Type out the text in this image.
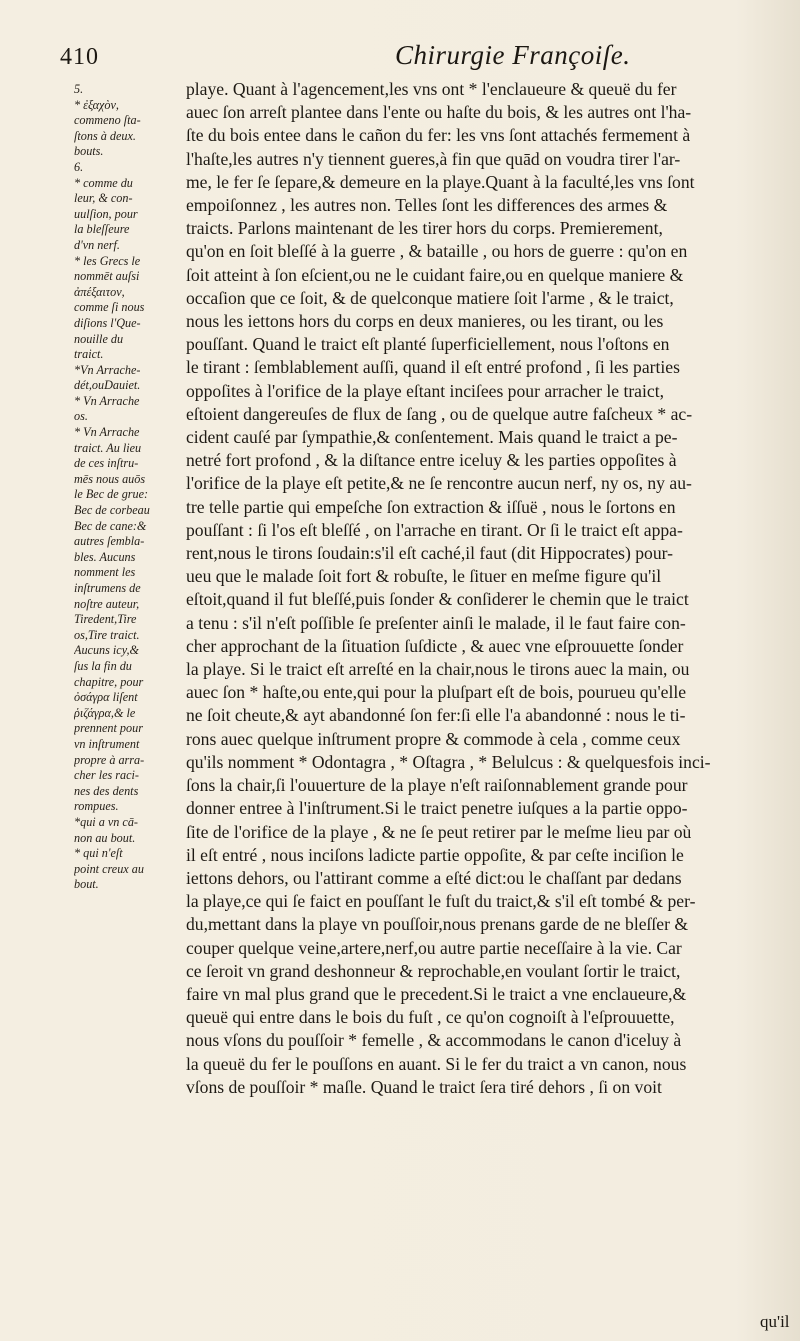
410	Chirurgie Françoiſe.
5.
* ἐξαχὸν,
commeno ſta-
ſtons à deux.
bouts.
6.
* comme du
leur, & con-
uulſion, pour
la bleſſeure
d'vn nerf.
* les Grecs le
nommēt auſsi
ἀπέξαιτον,
comme ſi nous
diſions l'Que-
nouille du
traict.
*Vn Arrache-
dét,ouDauiet.
* Vn Arrache
os.
* Vn Arrache
traict. Au lieu
de ces inſtru-
mēs nous auōs
le Bec de grue:
Bec de corbeau
Bec de cane:&
autres ſembla-
bles. Aucuns
nomment les
inſtrumens de
noſtre auteur,
Tiredent,Tire
os,Tire traict.
Aucuns icy,&
ſus la fin du
chapitre, pour
ὀσάγρα liſent
ῥιζάγρα,& le
prennent pour
vn inſtrument
propre à arra-
cher les raci-
nes des dents
rompues.
*qui a vn cā-
non au bout.
* qui n'eſt
point creux au
bout.
playe. Quant à l'agencement,les vns ont * l'enclaueure & queuë du fer
auec ſon arreſt plantee dans l'ente ou haſte du bois, & les autres ont l'ha-
ſte du bois entee dans le cañon du fer: les vns ſont attachés fermement à
l'haſte,les autres n'y tiennent gueres,à fin que quād on voudra tirer l'ar-
me, le fer ſe ſepare,& demeure en la playe.Quant à la faculté,les vns ſont
empoiſonnez , les autres non. Telles ſont les differences des armes &
traicts. Parlons maintenant de les tirer hors du corps. Premierement,
qu'on en ſoit bleſſé à la guerre , & bataille , ou hors de guerre : qu'on en
ſoit atteint à ſon eſcient,ou ne le cuidant faire,ou en quelque maniere &
occaſion que ce ſoit, & de quelconque matiere ſoit l'arme , & le traict,
nous les iettons hors du corps en deux manieres, ou les tirant, ou les
pouſſant. Quand le traict eſt planté ſuperficiellement, nous l'oſtons en
le tirant : ſemblablement auſſi, quand il eſt entré profond , ſi les parties
oppoſites à l'orifice de la playe eſtant inciſees pour arracher le traict,
eſtoient dangereuſes de flux de ſang , ou de quelque autre faſcheux * ac-
cident cauſé par ſympathie,& conſentement. Mais quand le traict a pe-
netré fort profond , & la diſtance entre iceluy & les parties oppoſites à
l'orifice de la playe eſt petite,& ne ſe rencontre aucun nerf, ny os, ny au-
tre telle partie qui empeſche ſon extraction & iſſuë , nous le ſortons en
pouſſant : ſi l'os eſt bleſſé , on l'arrache en tirant. Or ſi le traict eſt appa-
rent,nous le tirons ſoudain:s'il eſt caché,il faut (dit Hippocrates) pour-
ueu que le malade ſoit fort & robuſte, le ſituer en meſme figure qu'il
eſtoit,quand il fut bleſſé,puis ſonder & conſiderer le chemin que le traict
a tenu : s'il n'eſt poſſible ſe preſenter ainſi le malade, il le faut faire con-
cher approchant de la ſituation ſuſdicte , & auec vne eſprouuette ſonder
la playe. Si le traict eſt arreſté en la chair,nous le tirons auec la main, ou
auec ſon * haſte,ou ente,qui pour la pluſpart eſt de bois, pourueu qu'elle
ne ſoit cheute,& ayt abandonné ſon fer:ſi elle l'a abandonné : nous le ti-
rons auec quelque inſtrument propre & commode à cela , comme ceux
qu'ils nomment * Odontagra , * Oſtagra , * Belulcus : & quelquesfois inci-
ſons la chair,ſi l'ouuerture de la playe n'eſt raiſonnablement grande pour
donner entree à l'inſtrument.Si le traict penetre iuſques a la partie oppo-
ſite de l'orifice de la playe , & ne ſe peut retirer par le meſme lieu par où
il eſt entré , nous inciſons ladicte partie oppoſite, & par ceſte inciſion le
iettons dehors, ou l'attirant comme a eſté dict:ou le chaſſant par dedans
la playe,ce qui ſe faict en pouſſant le fuſt du traict,& s'il eſt tombé & per-
du,mettant dans la playe vn pouſſoir,nous prenans garde de ne bleſſer &
couper quelque veine,artere,nerf,ou autre partie neceſſaire à la vie. Car
ce ſeroit vn grand deshonneur & reprochable,en voulant ſortir le traict,
faire vn mal plus grand que le precedent.Si le traict a vne enclaueure,&
queuë qui entre dans le bois du fuſt , ce qu'on cognoiſt à l'eſprouuette,
nous vſons du pouſſoir * femelle , & accommodans le canon d'iceluy à
la queuë du fer le pouſſons en auant. Si le fer du traict a vn canon, nous
vſons de pouſſoir * maſle. Quand le traict ſera tiré dehors , ſi on voit
qu'il
